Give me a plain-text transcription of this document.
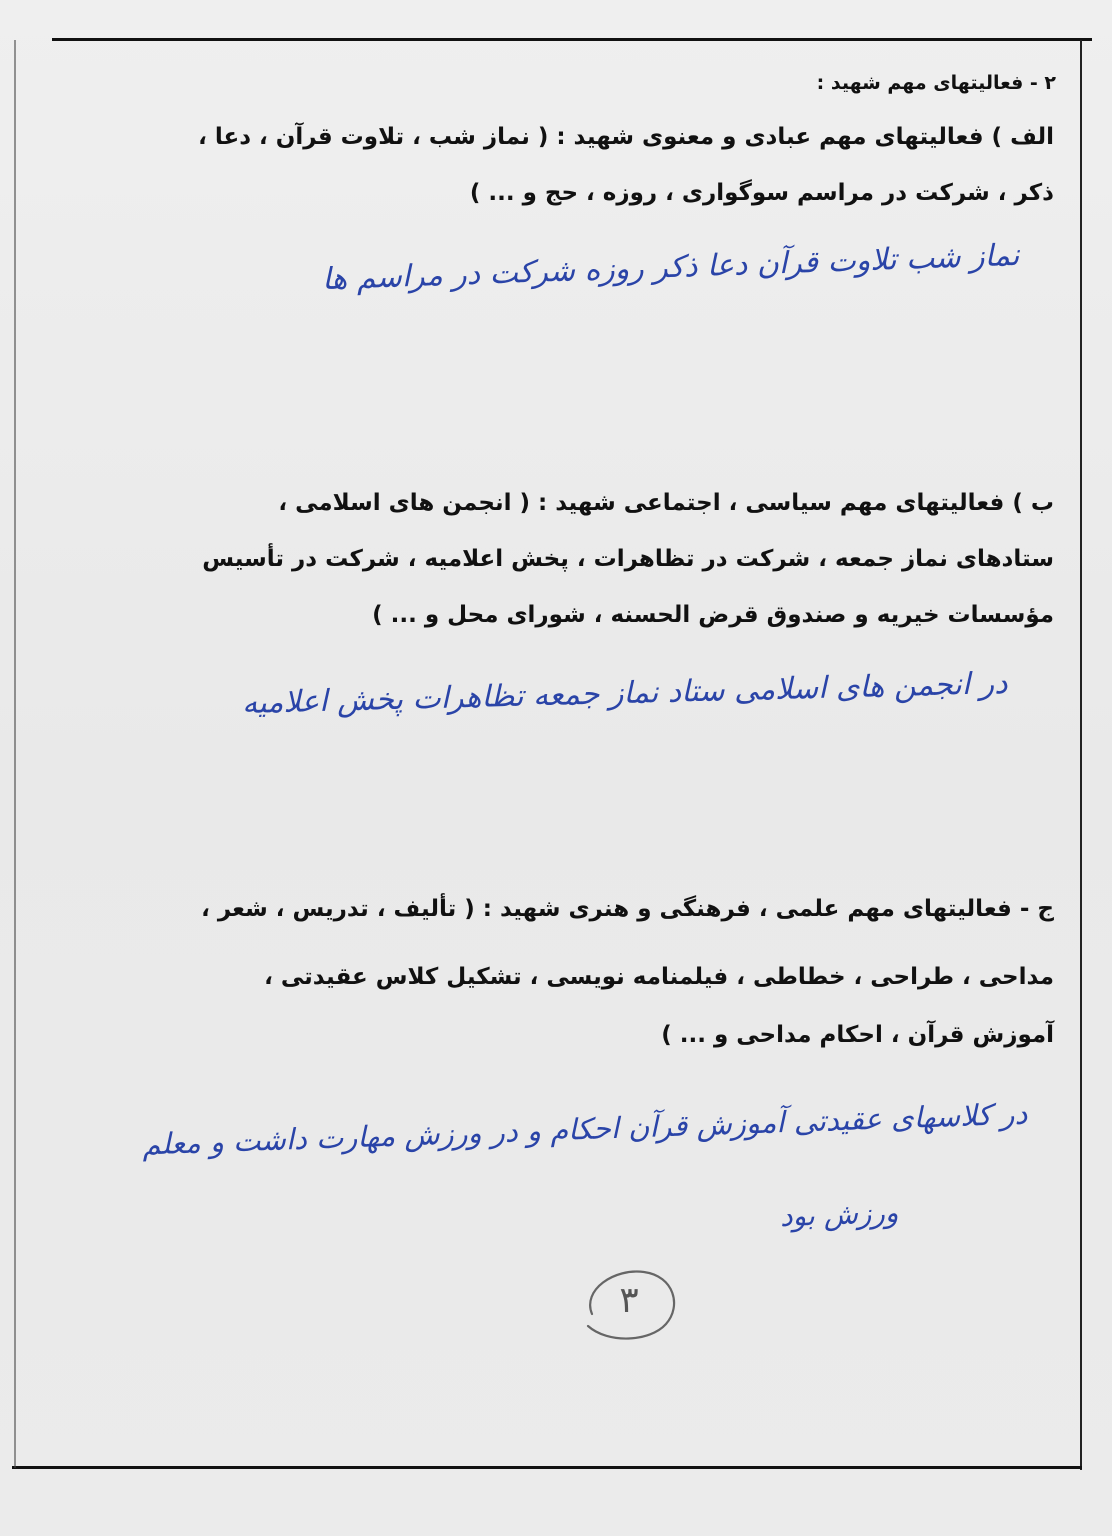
۲ - فعالیتهای مهم شهید :

الف ) فعالیتهای مهم عبادی و معنوی شهید : ( نماز شب ، تلاوت قرآن ، دعا ،

ذکر ، شرکت در مراسم سوگواری ، روزه ، حج و ... )

نماز شب تلاوت قرآن دعا ذکر روزه شرکت در مراسم ها

ب ) فعالیتهای مهم سیاسی ، اجتماعی شهید : ( انجمن های اسلامی ،

ستادهای نماز جمعه ، شرکت در تظاهرات ، پخش اعلامیه ، شرکت در تأسیس

مؤسسات خیریه و صندوق قرض الحسنه ، شورای محل و ... )

در انجمن های اسلامی ستاد نماز جمعه تظاهرات پخش اعلامیه

ج - فعالیتهای مهم علمی ، فرهنگی و هنری شهید : ( تألیف ، تدریس ، شعر ،

مداحی ، طراحی ، خطاطی ، فیلمنامه نویسی ، تشکیل کلاس عقیدتی ،

آموزش قرآن ، احکام مداحی و ... )

در کلاسهای عقیدتی آموزش قرآن احکام و در ورزش مهارت داشت و معلم

ورزش بود

۳
